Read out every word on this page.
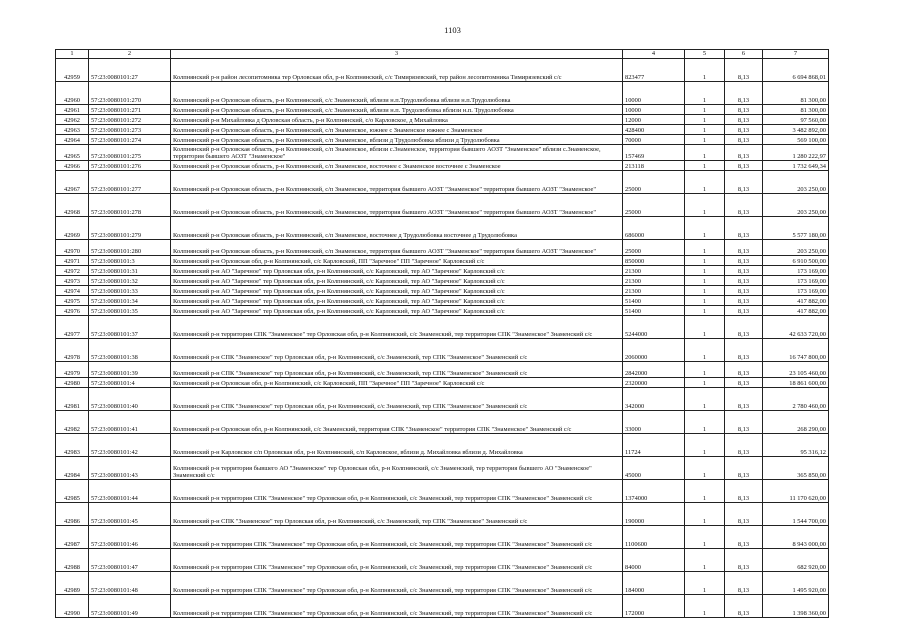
1103
1	2	3	4	5	6	7
42959	57:23:0080101:27	Колпнянский р-н район лесопитомника тер Орловская обл, р-н Колпнянский, с/с Тимирязевский, тер район лесопитомника Тимирязевский с/с	823477	1	8,13	6 694 868,01
42960	57:23:0080101:270	Колпнянский р-н Орловская область, р-н Колпнянский, с/с Знаменский, вблизи н.п.Трудолюбовка вблизи н.п.Трудолюбовка	10000	1	8,13	81 300,00
42961	57:23:0080101:271	Колпнянский р-н Орловская область, р-н Колпнянский, с/с Знаменский, вблизи н.п. Трудолюбовка вблизи н.п. Трудолюбовка	10000	1	8,13	81 300,00
42962	57:23:0080101:272	Колпнянский р-н Михайловка д Орловская область, р-н Колпнянский, с/о Карловское, д Михайловка	12000	1	8,13	97 560,00
42963	57:23:0080101:273	Колпнянский р-н Орловская область, р-н Колпнянский, с/п Знаменское, южнее с Знаменское южнее с Знаменское	428400	1	8,13	3 482 892,00
42964	57:23:0080101:274	Колпнянский р-н Орловская область, р-н Колпнянский, с/п Знаменское, вблизи д Трудолюбовка вблизи д Трудолюбовка	70000	1	8,13	569 100,00
42965	57:23:0080101:275	Колпнянский р-н Орловская область, р-н Колпнянский, с/п Знаменское, вблизи с.Знаменское, территория бывшего АОЗТ "Знаменское" вблизи с.Знаменское, территория бывшего АОЗТ "Знаменское"	157469	1	8,13	1 280 222,97
42966	57:23:0080101:276	Колпнянский р-н Орловская область, р-н Колпнянский, с/п Знаменское, восточнее с Знаменское восточнее с Знаменское	213118	1	8,13	1 732 649,34
42967	57:23:0080101:277	Колпнянский р-н Орловская область, р-н Колпнянский, с/п Знаменское, территория бывшего АОЗТ "Знаменское" территория бывшего АОЗТ "Знаменское"	25000	1	8,13	203 250,00
42968	57:23:0080101:278	Колпнянский р-н Орловская область, р-н Колпнянский, с/п Знаменское, территория бывшего АОЗТ "Знаменское" территория бывшего АОЗТ "Знаменское"	25000	1	8,13	203 250,00
42969	57:23:0080101:279	Колпнянский р-н Орловская область, р-н Колпнянский, с/п Знаменское, восточнее д Трудолюбовка восточнее д Трудолюбовка	686000	1	8,13	5 577 180,00
42970	57:23:0080101:280	Колпнянский р-н Орловская область, р-н Колпнянский, с/п Знаменское, территория бывшего АОЗТ "Знаменское" территория бывшего АОЗТ "Знаменское"	25000	1	8,13	203 250,00
42971	57:23:0080101:3	Колпнянский р-н Орловская обл, р-н Колпнянский, с/с Карловский, ПП "Заречное" ПП "Заречное" Карловский с/с	850000	1	8,13	6 910 500,00
42972	57:23:0080101:31	Колпнянский р-н АО "Заречное" тер Орловская обл, р-н Колпнянский, с/с Карловский, тер АО "Заречное" Карловский с/с	21300	1	8,13	173 169,00
42973	57:23:0080101:32	Колпнянский р-н АО "Заречное" тер Орловская обл, р-н Колпнянский, с/с Карловский, тер АО "Заречное" Карловский с/с	21300	1	8,13	173 169,00
42974	57:23:0080101:33	Колпнянский р-н АО "Заречное" тер Орловская обл, р-н Колпнянский, с/с Карловский, тер АО "Заречное" Карловский с/с	21300	1	8,13	173 169,00
42975	57:23:0080101:34	Колпнянский р-н АО "Заречное" тер Орловская обл, р-н Колпнянский, с/с Карловский, тер АО "Заречное" Карловский с/с	51400	1	8,13	417 882,00
42976	57:23:0080101:35	Колпнянский р-н АО "Заречное" тер Орловская обл, р-н Колпнянский, с/с Карловский, тер АО "Заречное" Карловский с/с	51400	1	8,13	417 882,00
42977	57:23:0080101:37	Колпнянский р-н территория СПК "Знаменское" тер Орловская обл, р-н Колпнянский, с/с Знаменский, тер территория СПК "Знаменское" Знаменский с/с	5244000	1	8,13	42 633 720,00
42978	57:23:0080101:38	Колпнянский р-н СПК "Знаменское" тер Орловская обл, р-н Колпнянский, с/с Знаменский, тер СПК "Знаменское" Знаменский с/с	2060000	1	8,13	16 747 800,00
42979	57:23:0080101:39	Колпнянский р-н СПК "Знаменское" тер Орловская обл, р-н Колпнянский, с/с Знаменский, тер СПК "Знаменское" Знаменский с/с	2842000	1	8,13	23 105 460,00
42980	57:23:0080101:4	Колпнянский р-н Орловская обл, р-н Колпнянский, с/с Карловский, ПП "Заречное" ПП "Заречное" Карловский с/с	2320000	1	8,13	18 861 600,00
42981	57:23:0080101:40	Колпнянский р-н СПК "Знаменское" тер Орловская обл, р-н Колпнянский, с/с Знаменский, тер СПК "Знаменское" Знаменский с/с	342000	1	8,13	2 780 460,00
42982	57:23:0080101:41	Колпнянский р-н Орловская обл, р-н Колпнянский, с/с Знаменский, территория СПК "Знаменское" территория СПК "Знаменское" Знаменский с/с	33000	1	8,13	268 290,00
42983	57:23:0080101:42	Колпнянский р-н Карловское с/п Орловская обл, р-н Колпнянский, с/п Карловское, вблизи д. Михайловка вблизи д. Михайловка	11724	1	8,13	95 316,12
42984	57:23:0080101:43	Колпнянский р-н территория бывшего АО "Знаменское" тер Орловская обл, р-н Колпнянский, с/с Знаменский, тер территория бывшего АО "Знаменское" Знаменский с/с	45000	1	8,13	365 850,00
42985	57:23:0080101:44	Колпнянский р-н территория СПК "Знаменское" тер Орловская обл, р-н Колпнянский, с/с Знаменский, тер территория СПК "Знаменское" Знаменский с/с	1374000	1	8,13	11 170 620,00
42986	57:23:0080101:45	Колпнянский р-н СПК "Знаменское" тер Орловская обл, р-н Колпнянский, с/с Знаменский, тер СПК "Знаменское" Знаменский с/с	190000	1	8,13	1 544 700,00
42987	57:23:0080101:46	Колпнянский р-н территория СПК "Знаменское" тер Орловская обл, р-н Колпнянский, с/с Знаменский, тер территория СПК "Знаменское" Знаменский с/с	1100600	1	8,13	8 943 000,00
42988	57:23:0080101:47	Колпнянский р-н территория СПК "Знаменское" тер Орловская обл, р-н Колпнянский, с/с Знаменский, тер территория СПК "Знаменское" Знаменский с/с	84000	1	8,13	682 920,00
42989	57:23:0080101:48	Колпнянский р-н территория СПК "Знаменское" тер Орловская обл, р-н Колпнянский, с/с Знаменский, тер территория СПК "Знаменское" Знаменский с/с	184000	1	8,13	1 495 920,00
42990	57:23:0080101:49	Колпнянский р-н территория СПК "Знаменское" тер Орловская обл, р-н Колпнянский, с/с Знаменский, тер территория СПК "Знаменское" Знаменский с/с	172000	1	8,13	1 398 360,00
